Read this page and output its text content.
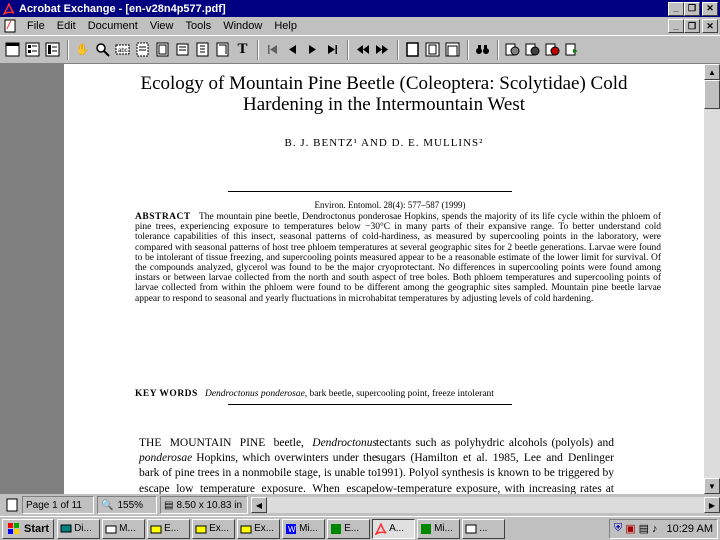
Acrobat Exchange - [en-v28n4p577.pdf]	_ ❐ ✕
File	Edit	Document	View	Tools	Window	Help	_ ❐ ✕
✋	abc	T
Ecology of Mountain Pine Beetle (Coleoptera: Scolytidae) Cold
Hardening in the Intermountain West
B. J. BENTZ¹ AND D. E. MULLINS²
Environ. Entomol. 28(4): 577–587 (1999)
ABSTRACT The mountain pine beetle, Dendroctonus ponderosae Hopkins, spends the majority of its life cycle within the phloem of pine trees, experiencing exposure to temperatures below −30°C in many parts of their expansive range. To better understand cold tolerance capabilities of this insect, seasonal patterns of cold-hardiness, as measured by supercooling points in the laboratory, were compared with seasonal patterns of host tree phloem temperatures at several geographic sites for 2 beetle generations. Larvae were found to be intolerant of tissue freezing, and supercooling points measured appear to be a reasonable estimate of the lower limit for survival. Of the compounds analyzed, glycerol was found to be the major cryoprotectant. No differences in supercooling points were found among instars or between larvae collected from the north and south aspect of tree boles. Both phloem temperatures and supercooling points of larvae collected from within the phloem were found to be different among the geographic sites sampled. Mountain pine beetle larvae appear to respond to seasonal and yearly fluctuations in microhabitat temperatures by adjusting levels of cold hardening.
KEY WORDS Dendroctonus ponderosae, bark beetle, supercooling point, freeze intolerant
THE MOUNTAIN PINE beetle, Dendroctonus ponderosae Hopkins, which overwinters under the bark of pine trees in a nonmobile stage, is unable to escape low temperature exposure. When escape
tectants such as polyhydric alcohols (polyols) and sugars (Hamilton et al. 1985, Lee and Denlinger 1991). Polyol synthesis is known to be triggered by low-temperature exposure, with increasing rates at
▲
▼
Page 1 of 11 🔍 155% ▤ 8.50 x 10.83 in ◀	▶
Start	Di...	M...	E...	Ex... Ex... W Mi...	E...	A...	Mi...	...	⛨ ▣ ▤ ♪ 10:29 AM
